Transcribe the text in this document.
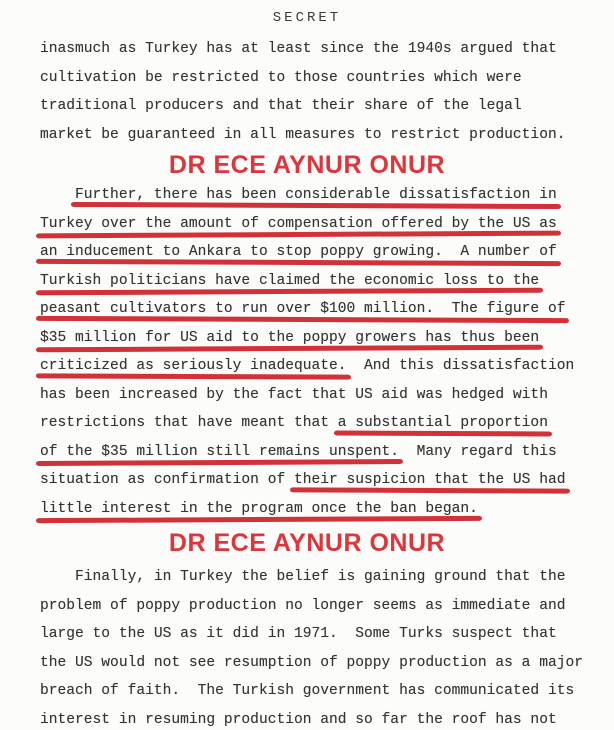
SECRET
inasmuch as Turkey has at least since the 1940s argued that
cultivation be restricted to those countries which were
traditional producers and that their share of the legal
market be guaranteed in all measures to restrict production.
DR ECE AYNUR ONUR
Further, there has been considerable dissatisfaction in
Turkey over the amount of compensation offered by the US as
an inducement to Ankara to stop poppy growing.  A number of
Turkish politicians have claimed the economic loss to the
peasant cultivators to run over $100 million.  The figure of
$35 million for US aid to the poppy growers has thus been
criticized as seriously inadequate.  And this dissatisfaction
has been increased by the fact that US aid was hedged with
restrictions that have meant that a substantial proportion
of the $35 million still remains unspent.  Many regard this
situation as confirmation of their suspicion that the US had
little interest in the program once the ban began.
DR ECE AYNUR ONUR
Finally, in Turkey the belief is gaining ground that the
problem of poppy production no longer seems as immediate and
large to the US as it did in 1971.  Some Turks suspect that
the US would not see resumption of poppy production as a major
breach of faith.  The Turkish government has communicated its
interest in resuming production and so far the roof has not
